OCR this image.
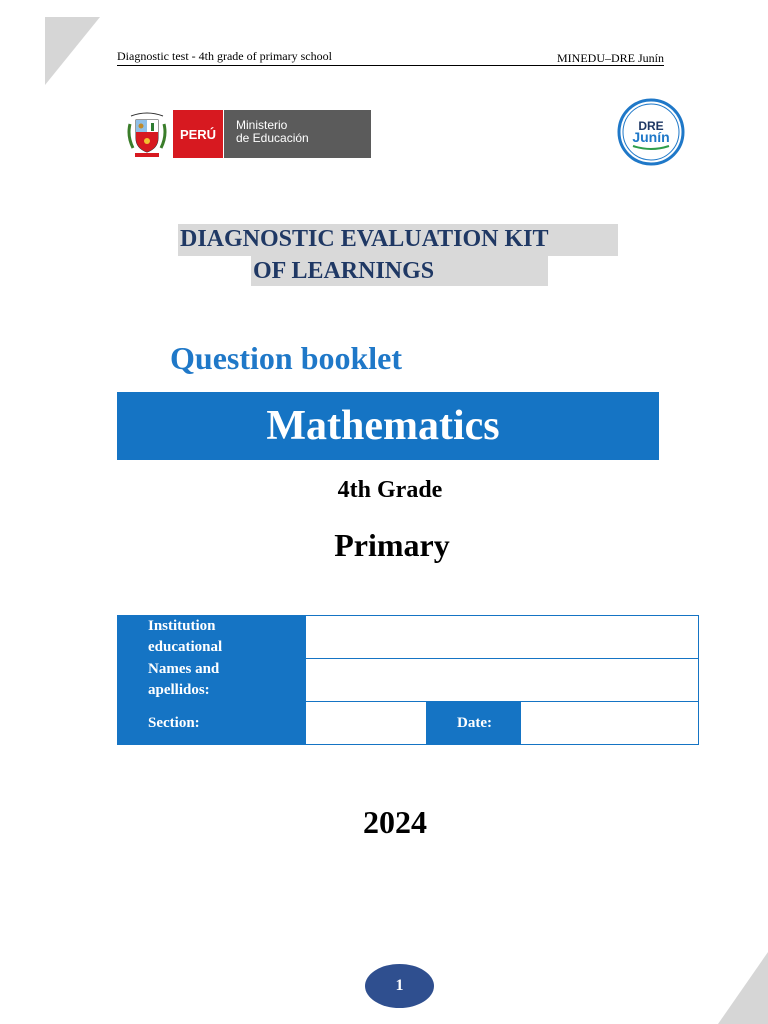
Diagnostic test - 4th grade of primary school	MINEDU–DRE Junín
PERÚ
Ministerio
de Educación
DRE
Junín
DIAGNOSTIC EVALUATION KIT
OF LEARNINGS
Question booklet
Mathematics
4th Grade
Primary
Institution
educational			

Names and
apellidos:			

Section:		Date:	
2024
1
